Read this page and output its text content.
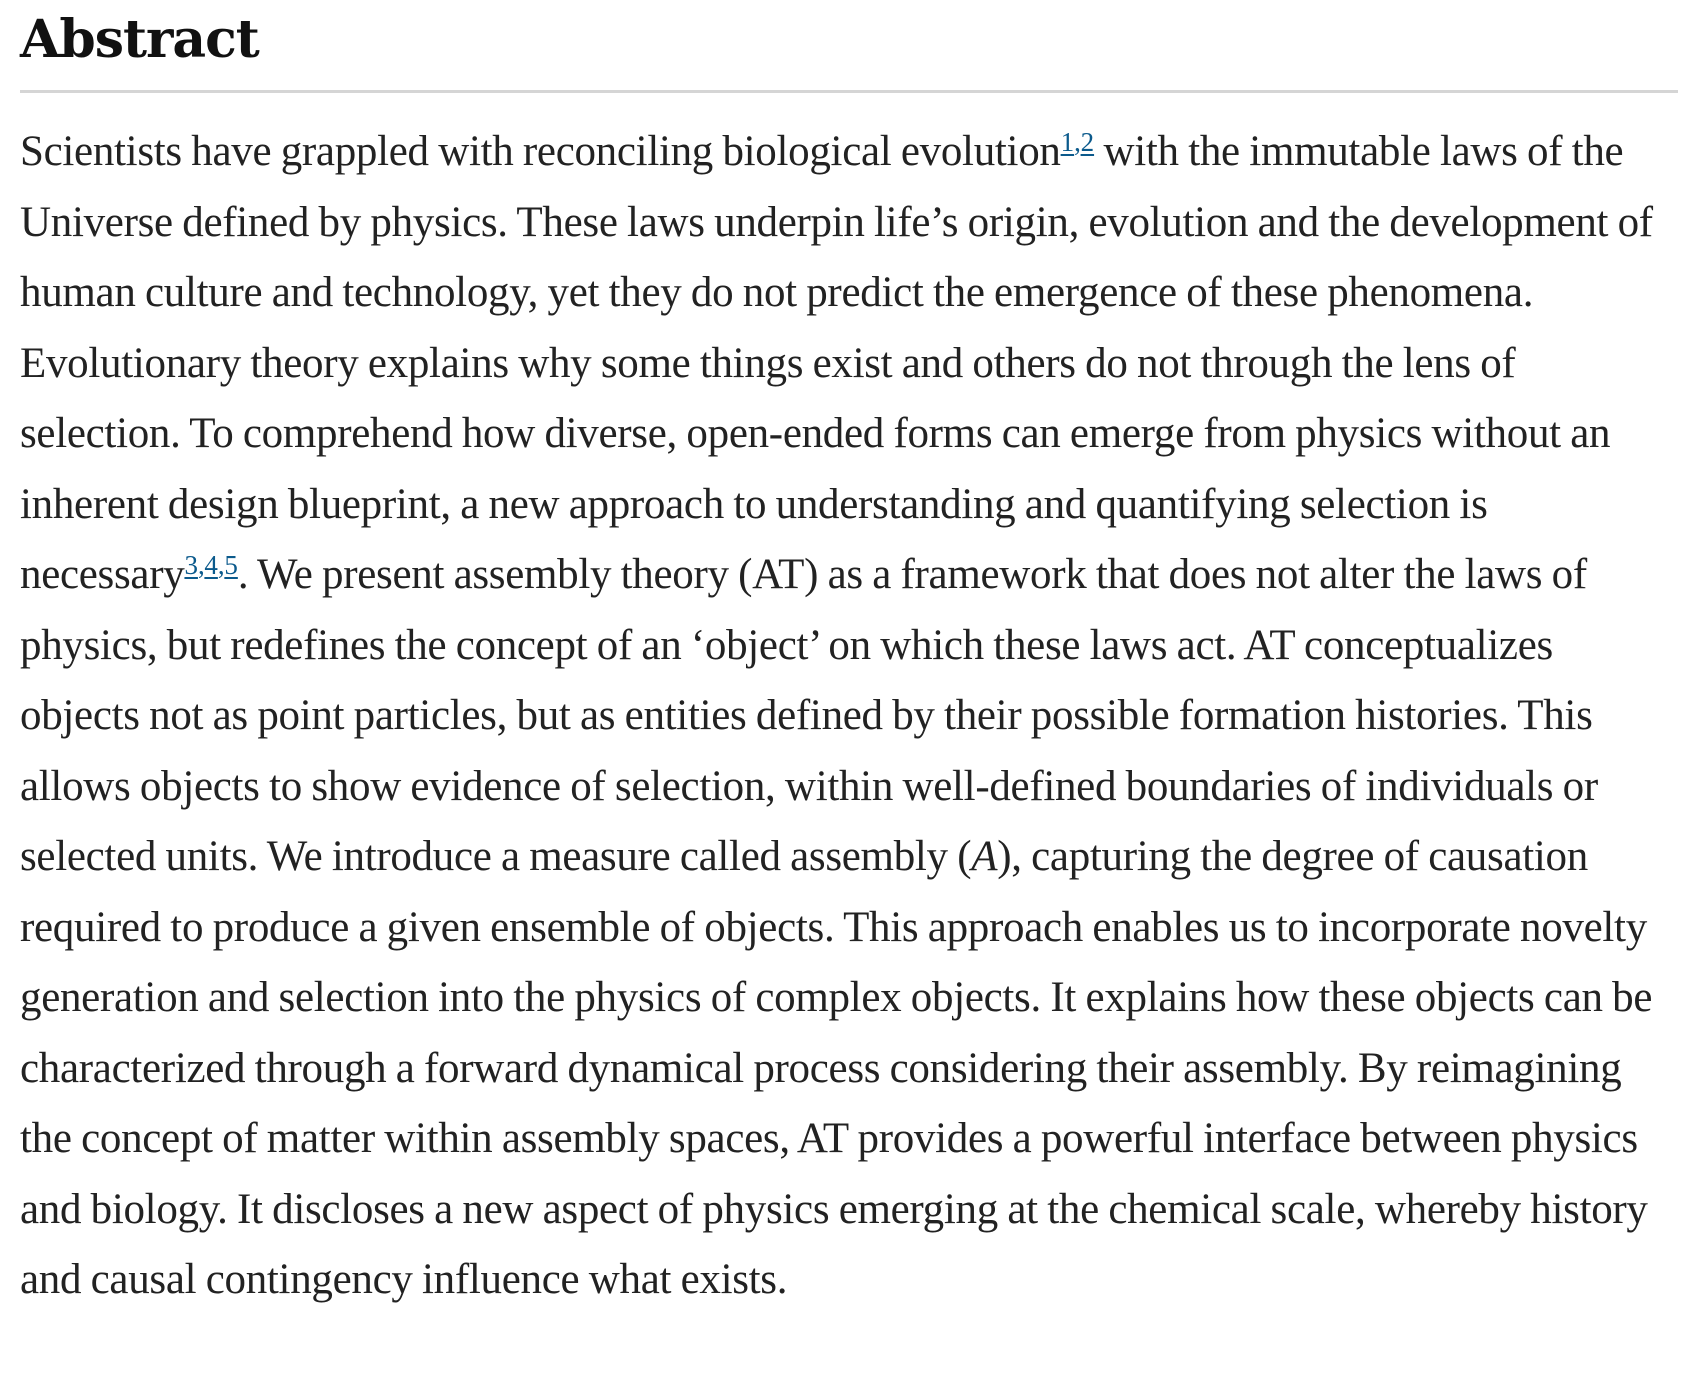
Abstract

Scientists have grappled with reconciling biological evolution$^{1,2}$ with the immutable laws of the Universe defined by physics. These laws underpin life’s origin, evolution and the development of human culture and technology, yet they do not predict the emergence of these phenomena. Evolutionary theory explains why some things exist and others do not through the lens of selection. To comprehend how diverse, open-ended forms can emerge from physics without an inherent design blueprint, a new approach to understanding and quantifying selection is necessary$^{3,4,5}$. We present assembly theory (AT) as a framework that does not alter the laws of physics, but redefines the concept of an ‘object’ on which these laws act. AT conceptualizes objects not as point particles, but as entities defined by their possible formation histories. This allows objects to show evidence of selection, within well-defined boundaries of individuals or selected units. We introduce a measure called assembly (A), capturing the degree of causation required to produce a given ensemble of objects. This approach enables us to incorporate novelty generation and selection into the physics of complex objects. It explains how these objects can be characterized through a forward dynamical process considering their assembly. By reimagining the concept of matter within assembly spaces, AT provides a powerful interface between physics and biology. It discloses a new aspect of physics emerging at the chemical scale, whereby history and causal contingency influence what exists.
